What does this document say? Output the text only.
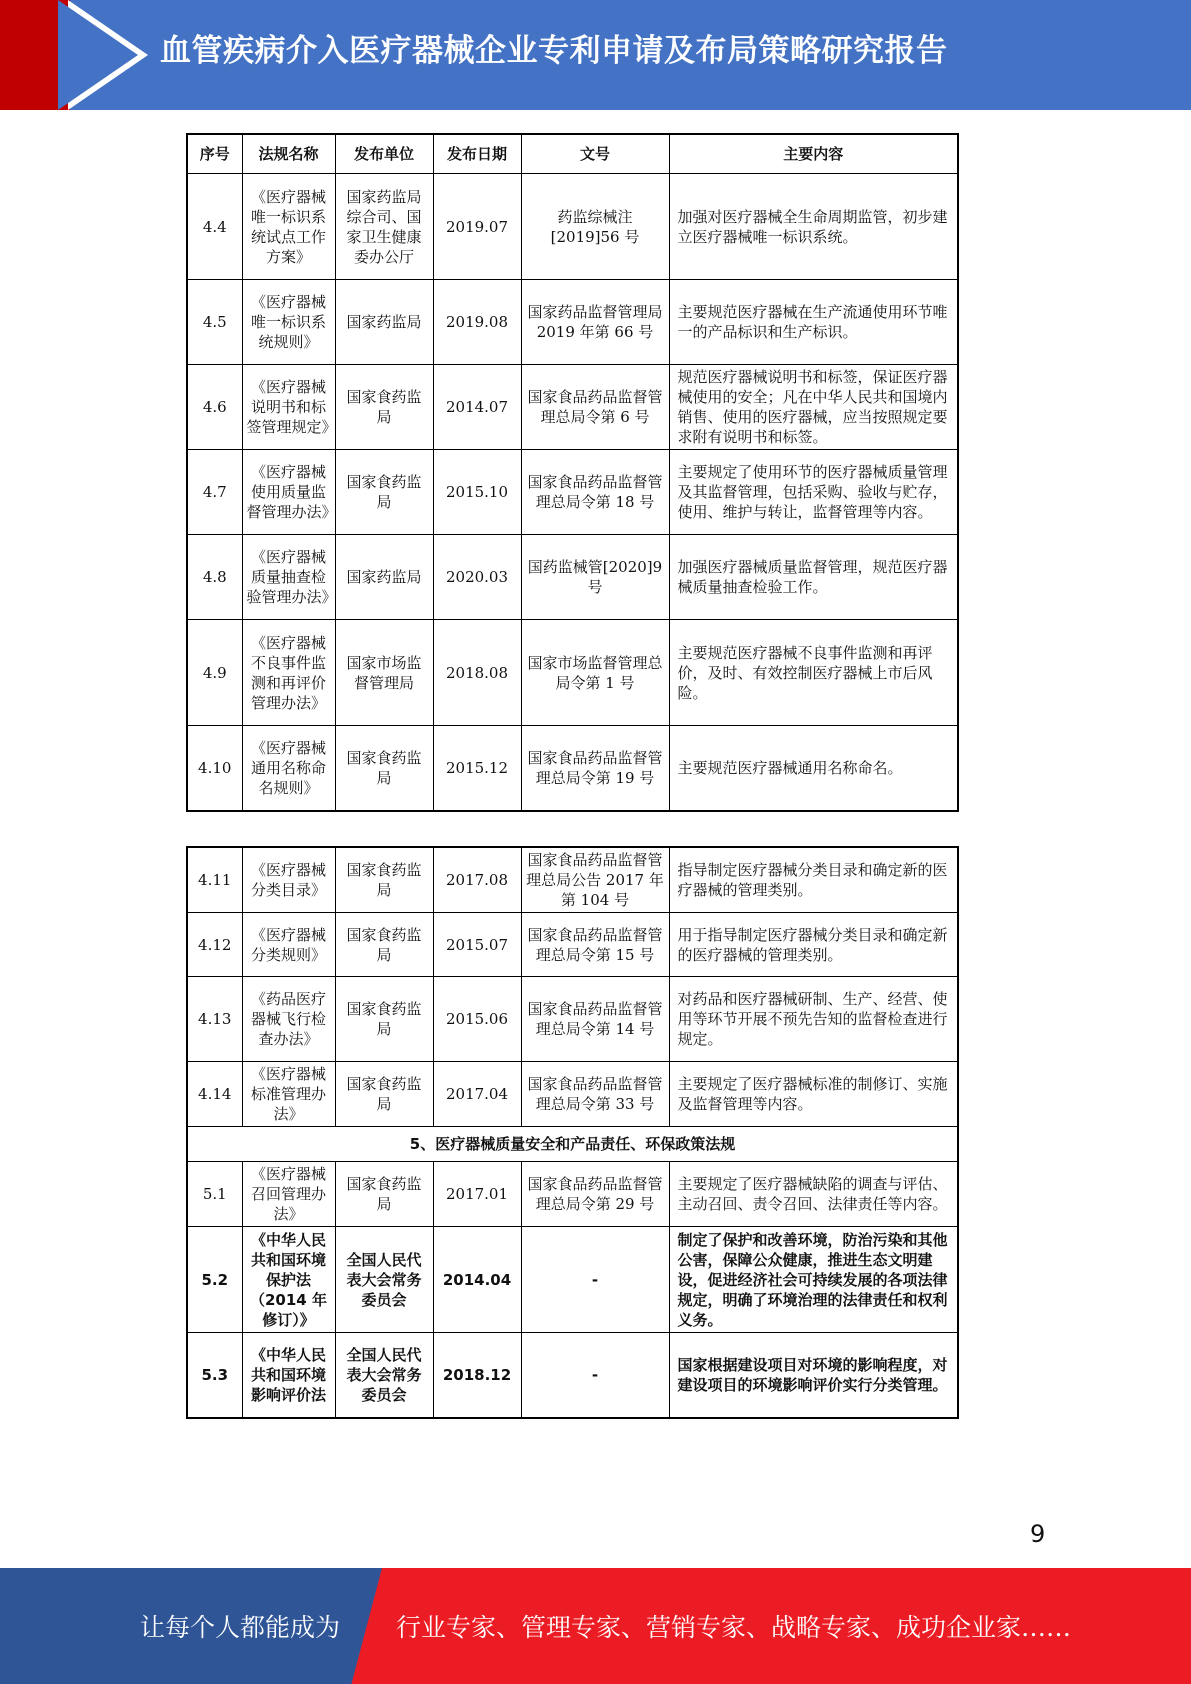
血管疾病介入医疗器械企业专利申请及布局策略研究报告
序号	法规名称	发布单位	发布日期	文号	主要内容
4.4	《医疗器械唯一标识系统试点工作方案》	国家药监局综合司、国家卫生健康委办公厅	2019.07	药监综械注[2019]56 号	加强对医疗器械全生命周期监管，初步建立医疗器械唯一标识系统。
4.5	《医疗器械唯一标识系统规则》	国家药监局	2019.08	国家药品监督管理局 2019 年第 66 号	主要规范医疗器械在生产流通使用环节唯一的产品标识和生产标识。
4.6	《医疗器械说明书和标签管理规定》	国家食药监局	2014.07	国家食品药品监督管理总局令第 6 号	规范医疗器械说明书和标签，保证医疗器械使用的安全；凡在中华人民共和国境内销售、使用的医疗器械，应当按照规定要求附有说明书和标签。
4.7	《医疗器械使用质量监督管理办法》	国家食药监局	2015.10	国家食品药品监督管理总局令第 18 号	主要规定了使用环节的医疗器械质量管理及其监督管理，包括采购、验收与贮存，使用、维护与转让，监督管理等内容。
4.8	《医疗器械质量抽查检验管理办法》	国家药监局	2020.03	国药监械管[2020]9 号	加强医疗器械质量监督管理，规范医疗器械质量抽查检验工作。
4.9	《医疗器械不良事件监测和再评价管理办法》	国家市场监督管理局	2018.08	国家市场监督管理总局令第 1 号	主要规范医疗器械不良事件监测和再评价，及时、有效控制医疗器械上市后风险。
4.10	《医疗器械通用名称命名规则》	国家食药监局	2015.12	国家食品药品监督管理总局令第 19 号	主要规范医疗器械通用名称命名。
4.11	《医疗器械分类目录》	国家食药监局	2017.08	国家食品药品监督管理总局公告 2017 年第 104 号	指导制定医疗器械分类目录和确定新的医疗器械的管理类别。
4.12	《医疗器械分类规则》	国家食药监局	2015.07	国家食品药品监督管理总局令第 15 号	用于指导制定医疗器械分类目录和确定新的医疗器械的管理类别。
4.13	《药品医疗器械飞行检查办法》	国家食药监局	2015.06	国家食品药品监督管理总局令第 14 号	对药品和医疗器械研制、生产、经营、使用等环节开展不预先告知的监督检查进行规定。
4.14	《医疗器械标准管理办法》	国家食药监局	2017.04	国家食品药品监督管理总局令第 33 号	主要规定了医疗器械标准的制修订、实施及监督管理等内容。
5、医疗器械质量安全和产品责任、环保政策法规					
5.1	《医疗器械召回管理办法》	国家食药监局	2017.01	国家食品药品监督管理总局令第 29 号	主要规定了医疗器械缺陷的调查与评估、主动召回、责令召回、法律责任等内容。
5.2	《中华人民共和国环境保护法（2014 年修订）》	全国人民代表大会常务委员会	2014.04	-	制定了保护和改善环境，防治污染和其他公害，保障公众健康，推进生态文明建设，促进经济社会可持续发展的各项法律规定，明确了环境治理的法律责任和权利义务。
5.3	《中华人民共和国环境影响评价法	全国人民代表大会常务委员会	2018.12	-	国家根据建设项目对环境的影响程度，对建设项目的环境影响评价实行分类管理。
9
让每个人都能成为 行业专家、管理专家、营销专家、战略专家、成功企业家……
